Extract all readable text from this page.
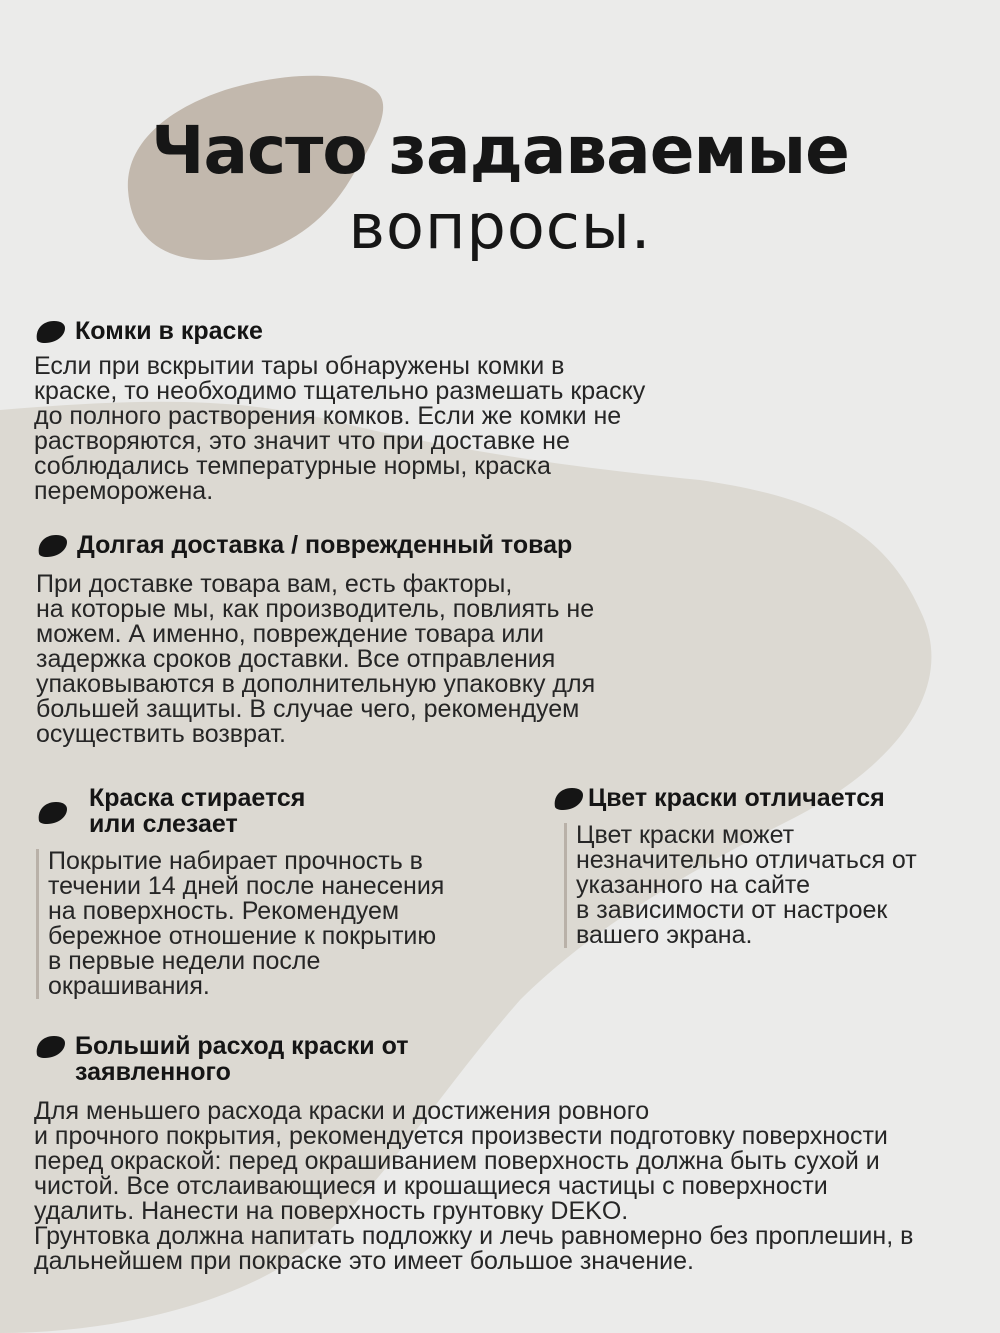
Часто задаваемые
вопросы.
Комки в краске
Если при вскрытии тары обнаружены комки в
краске, то необходимо тщательно размешать краску
до полного растворения комков. Если же комки не
растворяются, это значит что при доставке не
соблюдались температурные нормы, краска
переморожена.
Долгая доставка / поврежденный товар
При доставке товара вам, есть факторы,
на которые мы, как производитель, повлиять не
можем. А именно, повреждение товара или
задержка сроков доставки. Все отправления
упаковываются в дополнительную упаковку для
большей защиты. В случае чего, рекомендуем
осуществить возврат.
Краска стирается
или слезает
Покрытие набирает прочность в
течении 14 дней после нанесения
на поверхность. Рекомендуем
бережное отношение к покрытию
в первые недели после
окрашивания.
Цвет краски отличается
Цвет краски может
незначительно отличаться от
указанного на сайте
в зависимости от настроек
вашего экрана.
Больший расход краски от
заявленного
Для меньшего расхода краски и достижения ровного
и прочного покрытия, рекомендуется произвести подготовку поверхности
перед окраской: перед окрашиванием поверхность должна быть сухой и
чистой. Все отслаивающиеся и крошащиеся частицы с поверхности
удалить. Нанести на поверхность грунтовку DEKO.
Грунтовка должна напитать подложку и лечь равномерно без проплешин, в
дальнейшем при покраске это имеет большое значение.
